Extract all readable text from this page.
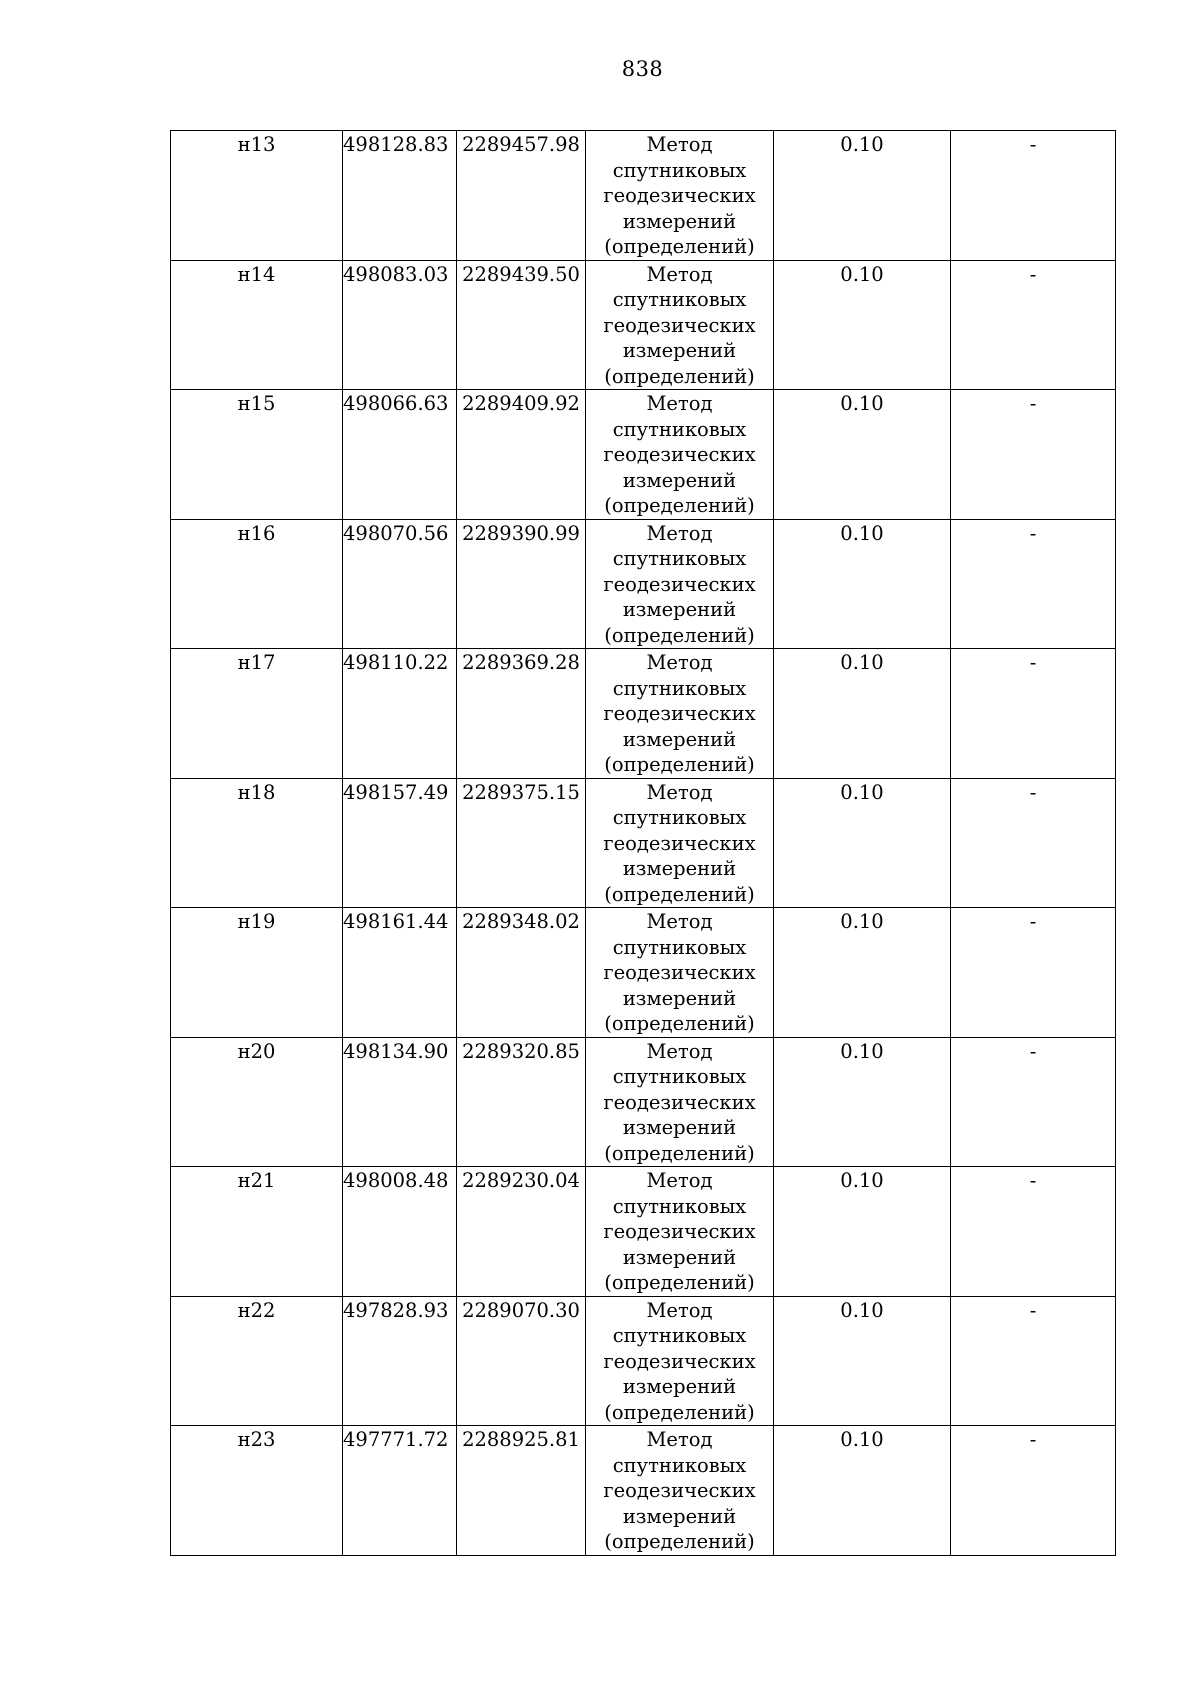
838
н13	498128.83	2289457.98	Метод
спутниковых
геодезических
измерений
(определений)	0.10	-

н14	498083.03	2289439.50	Метод
спутниковых
геодезических
измерений
(определений)	0.10	-

н15	498066.63	2289409.92	Метод
спутниковых
геодезических
измерений
(определений)	0.10	-

н16	498070.56	2289390.99	Метод
спутниковых
геодезических
измерений
(определений)	0.10	-

н17	498110.22	2289369.28	Метод
спутниковых
геодезических
измерений
(определений)	0.10	-

н18	498157.49	2289375.15	Метод
спутниковых
геодезических
измерений
(определений)	0.10	-

н19	498161.44	2289348.02	Метод
спутниковых
геодезических
измерений
(определений)	0.10	-

н20	498134.90	2289320.85	Метод
спутниковых
геодезических
измерений
(определений)	0.10	-

н21	498008.48	2289230.04	Метод
спутниковых
геодезических
измерений
(определений)	0.10	-

н22	497828.93	2289070.30	Метод
спутниковых
геодезических
измерений
(определений)	0.10	-

н23	497771.72	2288925.81	Метод
спутниковых
геодезических
измерений
(определений)	0.10	-
